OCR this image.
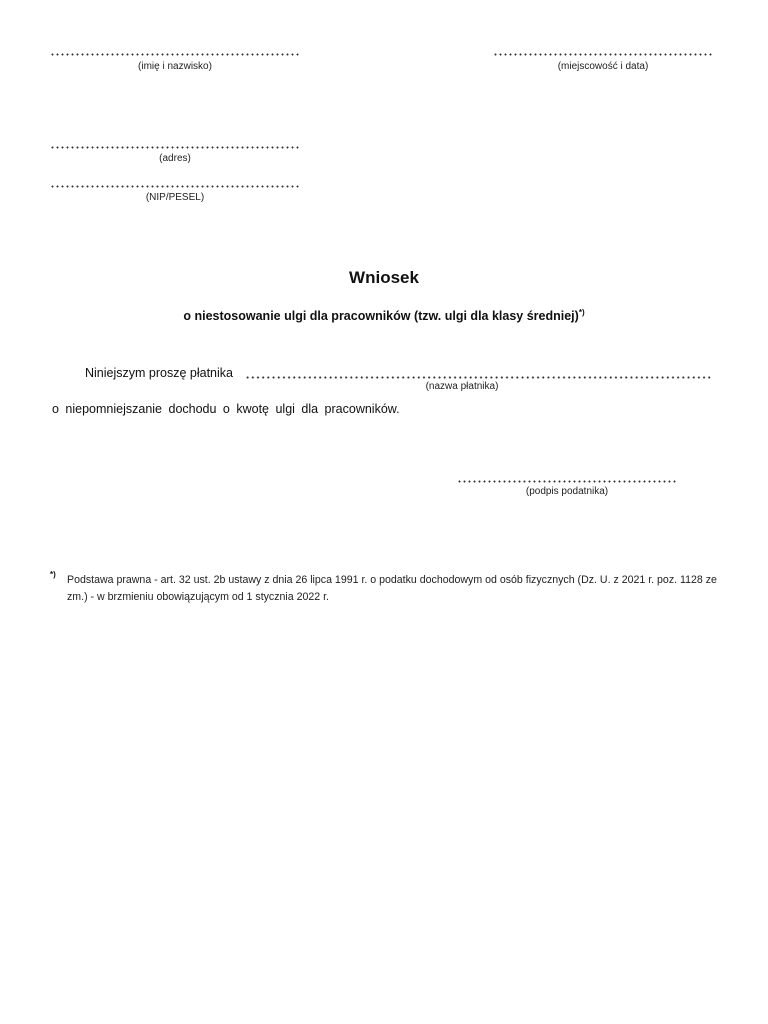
(imię i nazwisko)	(miejscowość i data)
(adres)
(NIP/PESEL)
Wniosek
o niestosowanie ulgi dla pracowników (tzw. ulgi dla klasy średniej)*)
Niniejszym proszę płatnika
(nazwa płatnika)
o niepomniejszanie dochodu o kwotę ulgi dla pracowników.
(podpis podatnika)
*) Podstawa prawna - art. 32 ust. 2b ustawy z dnia 26 lipca 1991 r. o podatku dochodowym od osób fizycznych (Dz. U. z 2021 r. poz. 1128 ze zm.) - w brzmieniu obowiązującym od 1 stycznia 2022 r.
